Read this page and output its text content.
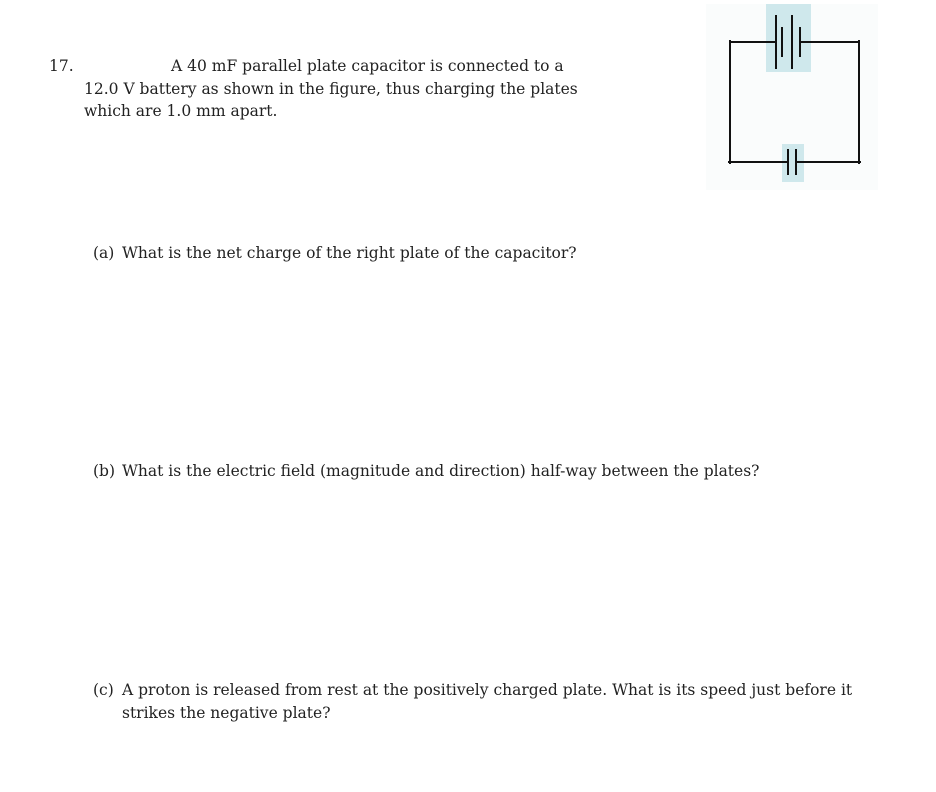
17.	A 40 mF parallel plate capacitor is connected to a
12.0 V battery as shown in the figure, thus charging the plates
which are 1.0 mm apart.
(a) What is the net charge of the right plate of the capacitor?
(b) What is the electric field (magnitude and direction) half-way between the plates?
(c) A proton is released from rest at the positively charged plate. What is its speed just before it
strikes the negative plate?
